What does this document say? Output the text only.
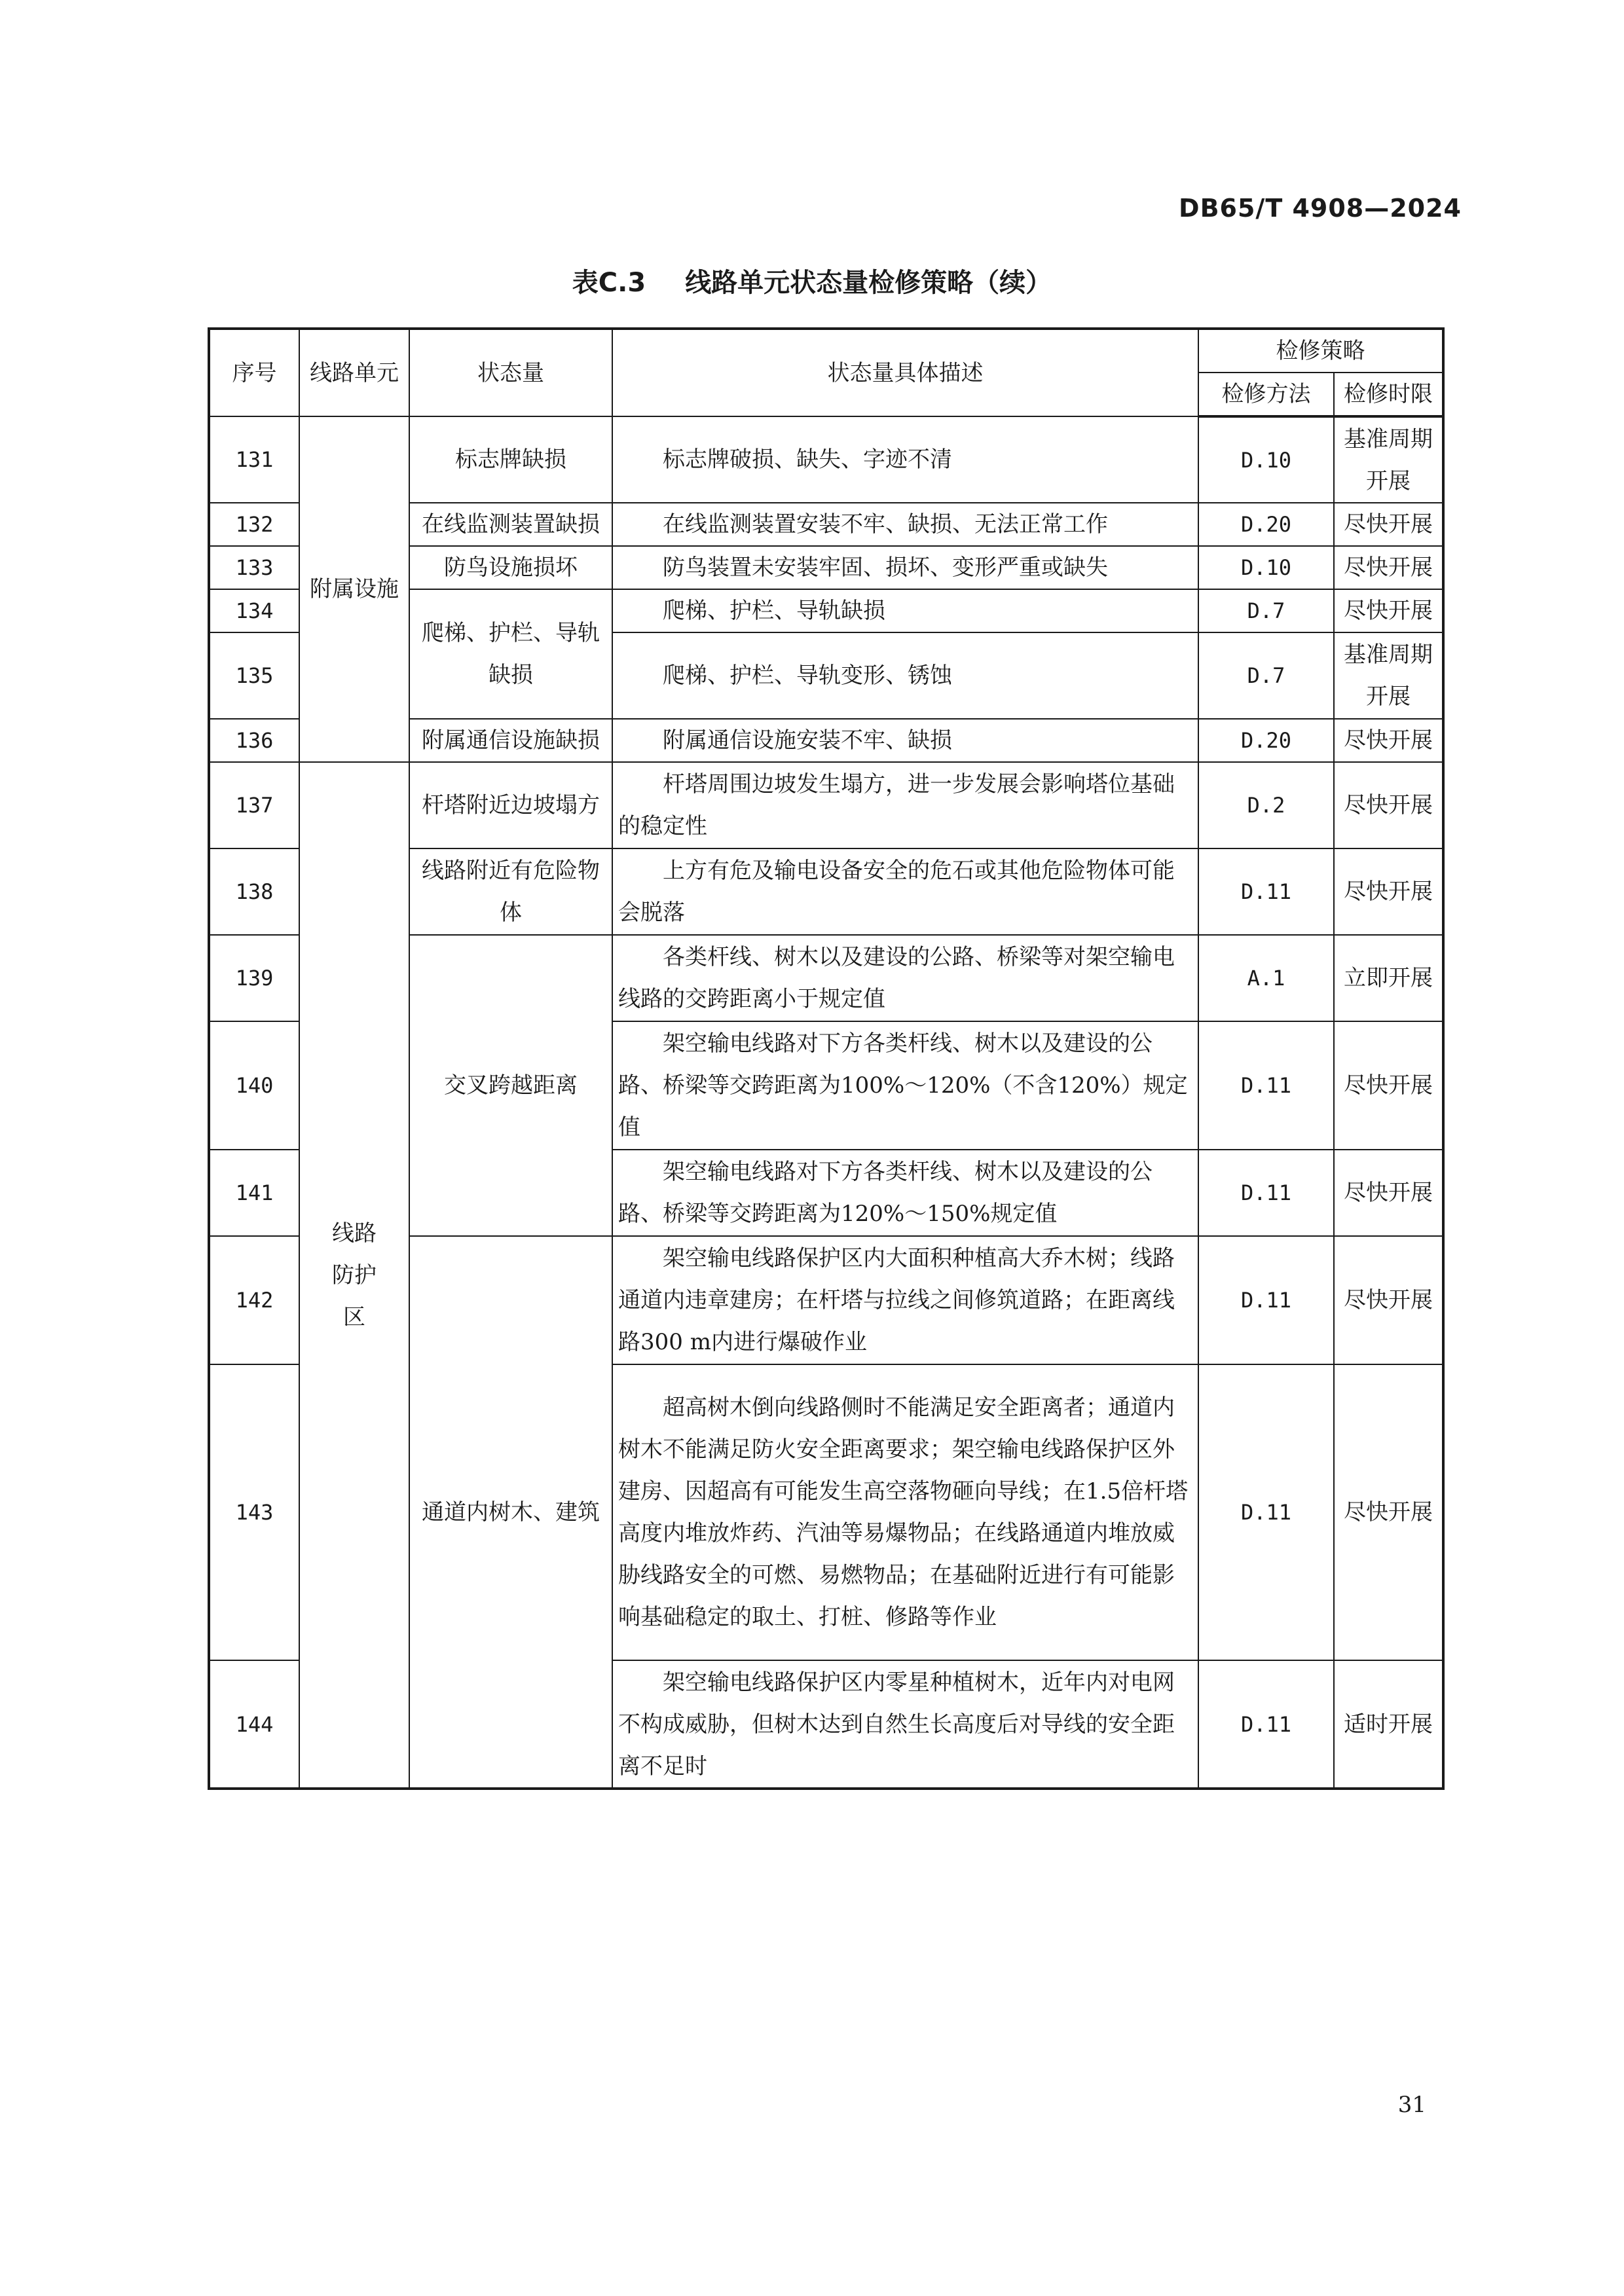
DB65/T 4908—2024
表C.3 线路单元状态量检修策略（续）
序号	线路单元	状态量	状态量具体描述	检修策略	
				检修方法	检修时限
131	附属设施	标志牌缺损	标志牌破损、缺失、字迹不清	D.10	基准周期开展
132		在线监测装置缺损	在线监测装置安装不牢、缺损、无法正常工作	D.20	尽快开展
133		防鸟设施损坏	防鸟装置未安装牢固、损坏、变形严重或缺失	D.10	尽快开展
134		爬梯、护栏、导轨缺损	爬梯、护栏、导轨缺损	D.7	尽快开展
135			爬梯、护栏、导轨变形、锈蚀	D.7	基准周期开展
136		附属通信设施缺损	附属通信设施安装不牢、缺损	D.20	尽快开展
137	线路
防护
区	杆塔附近边坡塌方	杆塔周围边坡发生塌方，进一步发展会影响塔位基础的稳定性	D.2	尽快开展
138		线路附近有危险物体	上方有危及输电设备安全的危石或其他危险物体可能会脱落	D.11	尽快开展
139		交叉跨越距离	各类杆线、树木以及建设的公路、桥梁等对架空输电线路的交跨距离小于规定值	A.1	立即开展
140			架空输电线路对下方各类杆线、树木以及建设的公路、桥梁等交跨距离为100%～120%（不含120%）规定值	D.11	尽快开展
141			架空输电线路对下方各类杆线、树木以及建设的公路、桥梁等交跨距离为120%～150%规定值	D.11	尽快开展
142		通道内树木、建筑	架空输电线路保护区内大面积种植高大乔木树；线路通道内违章建房；在杆塔与拉线之间修筑道路；在距离线路300 m内进行爆破作业	D.11	尽快开展
143			超高树木倒向线路侧时不能满足安全距离者；通道内树木不能满足防火安全距离要求；架空输电线路保护区外建房、因超高有可能发生高空落物砸向导线；在1.5倍杆塔高度内堆放炸药、汽油等易爆物品；在线路通道内堆放威胁线路安全的可燃、易燃物品；在基础附近进行有可能影响基础稳定的取土、打桩、修路等作业	D.11	尽快开展
144			架空输电线路保护区内零星种植树木，近年内对电网不构成威胁，但树木达到自然生长高度后对导线的安全距离不足时	D.11	适时开展
31
